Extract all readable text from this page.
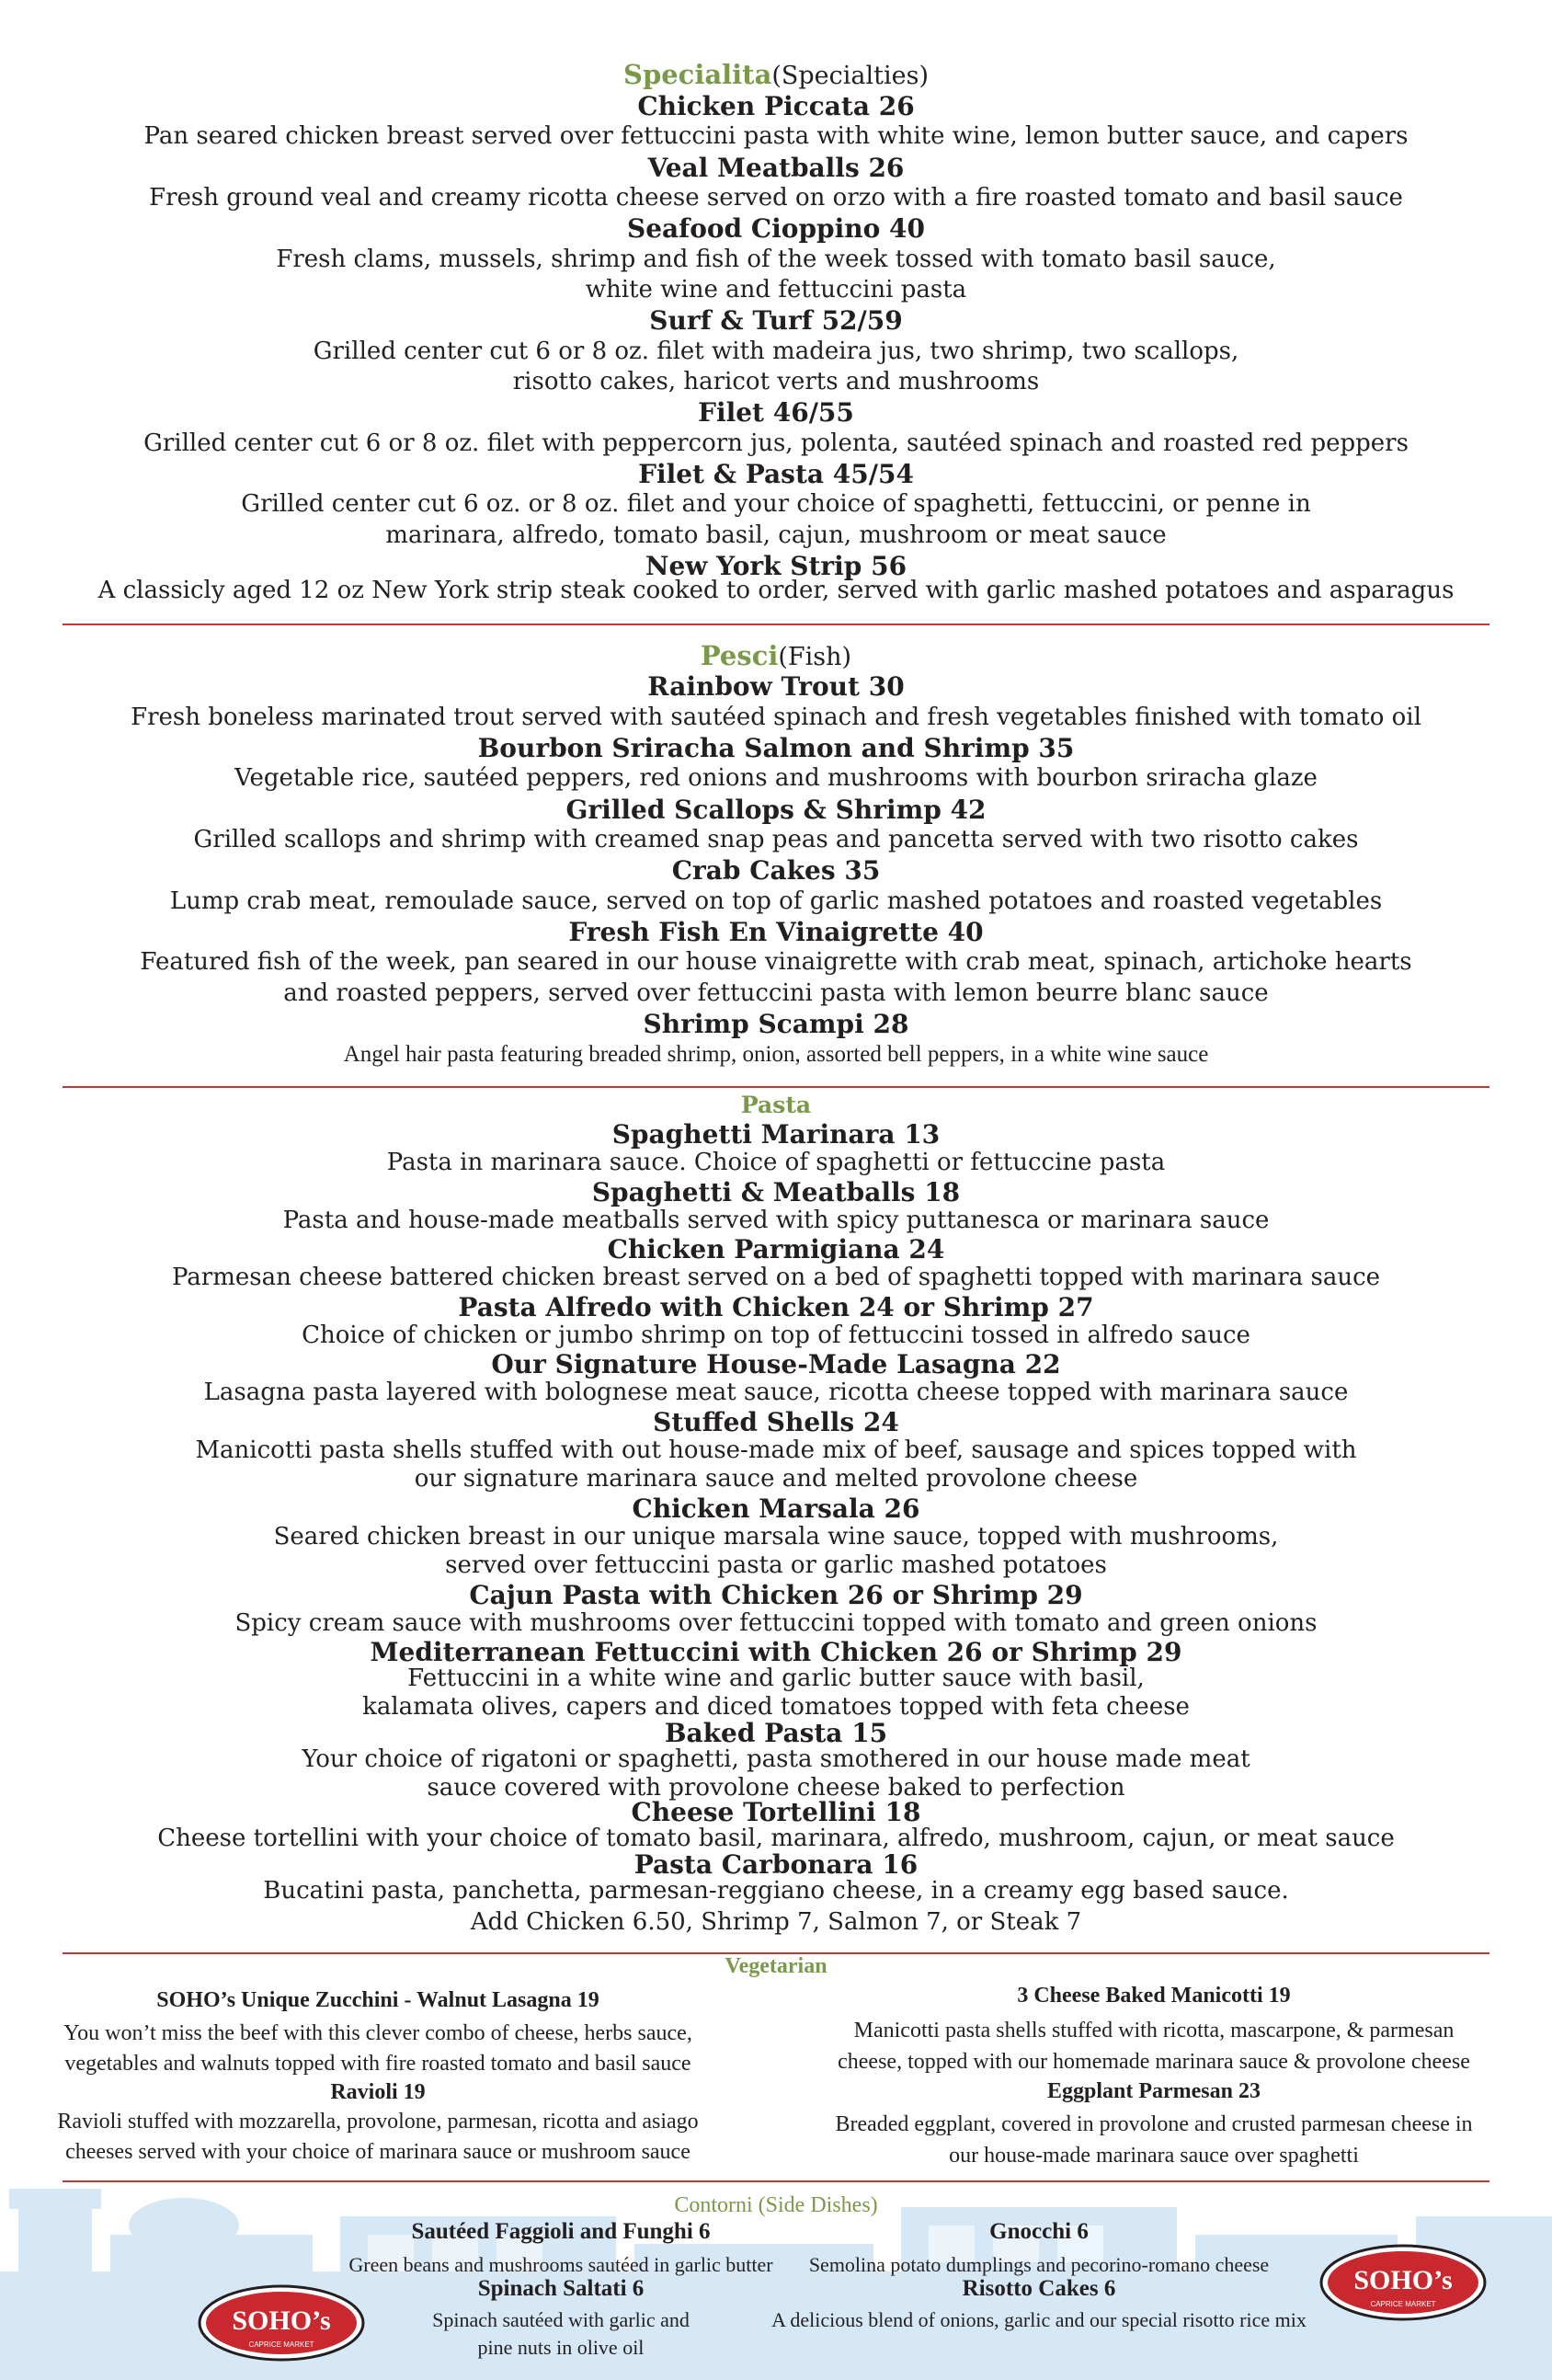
Specialita(Specialties)
Chicken Piccata 26
Pan seared chicken breast served over fettuccini pasta with white wine, lemon butter sauce, and capers
Veal Meatballs 26
Fresh ground veal and creamy ricotta cheese served on orzo with a fire roasted tomato and basil sauce
Seafood Cioppino 40
Fresh clams, mussels, shrimp and fish of the week tossed with tomato basil sauce,
white wine and fettuccini pasta
Surf & Turf 52/59
Grilled center cut 6 or 8 oz. filet with madeira jus, two shrimp, two scallops,
risotto cakes, haricot verts and mushrooms
Filet 46/55
Grilled center cut 6 or 8 oz. filet with peppercorn jus, polenta, sautéed spinach and roasted red peppers
Filet & Pasta 45/54
Grilled center cut 6 oz. or 8 oz. filet and your choice of spaghetti, fettuccini, or penne in
marinara, alfredo, tomato basil, cajun, mushroom or meat sauce
New York Strip 56
A classicly aged 12 oz New York strip steak cooked to order, served with garlic mashed potatoes and asparagus
Pesci(Fish)
Rainbow Trout 30
Fresh boneless marinated trout served with sautéed spinach and fresh vegetables finished with tomato oil
Bourbon Sriracha Salmon and Shrimp 35
Vegetable rice, sautéed peppers, red onions and mushrooms with bourbon sriracha glaze
Grilled Scallops & Shrimp 42
Grilled scallops and shrimp with creamed snap peas and pancetta served with two risotto cakes
Crab Cakes 35
Lump crab meat, remoulade sauce, served on top of garlic mashed potatoes and roasted vegetables
Fresh Fish En Vinaigrette 40
Featured fish of the week, pan seared in our house vinaigrette with crab meat, spinach, artichoke hearts
and roasted peppers, served over fettuccini pasta with lemon beurre blanc sauce
Shrimp Scampi 28
Angel hair pasta featuring breaded shrimp, onion, assorted bell peppers, in a white wine sauce
Pasta
Spaghetti Marinara 13
Pasta in marinara sauce. Choice of spaghetti or fettuccine pasta
Spaghetti & Meatballs 18
Pasta and house-made meatballs served with spicy puttanesca or marinara sauce
Chicken Parmigiana 24
Parmesan cheese battered chicken breast served on a bed of spaghetti topped with marinara sauce
Pasta Alfredo with Chicken 24 or Shrimp 27
Choice of chicken or jumbo shrimp on top of fettuccini tossed in alfredo sauce
Our Signature House-Made Lasagna 22
Lasagna pasta layered with bolognese meat sauce, ricotta cheese topped with marinara sauce
Stuffed Shells 24
Manicotti pasta shells stuffed with out house-made mix of beef, sausage and spices topped with
our signature marinara sauce and melted provolone cheese
Chicken Marsala 26
Seared chicken breast in our unique marsala wine sauce, topped with mushrooms,
served over fettuccini pasta or garlic mashed potatoes
Cajun Pasta with Chicken 26 or Shrimp 29
Spicy cream sauce with mushrooms over fettuccini topped with tomato and green onions
Mediterranean Fettuccini with Chicken 26 or Shrimp 29
Fettuccini in a white wine and garlic butter sauce with basil,
kalamata olives, capers and diced tomatoes topped with feta cheese
Baked Pasta 15
Your choice of rigatoni or spaghetti, pasta smothered in our house made meat
sauce covered with provolone cheese baked to perfection
Cheese Tortellini 18
Cheese tortellini with your choice of tomato basil, marinara, alfredo, mushroom, cajun, or meat sauce
Pasta Carbonara 16
Bucatini pasta, panchetta, parmesan-reggiano cheese, in a creamy egg based sauce.
Add Chicken 6.50, Shrimp 7, Salmon 7, or Steak 7
Vegetarian
SOHO’s Unique Zucchini - Walnut Lasagna 19
You won’t miss the beef with this clever combo of cheese, herbs sauce,
vegetables and walnuts topped with fire roasted tomato and basil sauce
Ravioli 19
Ravioli stuffed with mozzarella, provolone, parmesan, ricotta and asiago
cheeses served with your choice of marinara sauce or mushroom sauce
3 Cheese Baked Manicotti 19
Manicotti pasta shells stuffed with ricotta, mascarpone, & parmesan
cheese, topped with our homemade marinara sauce & provolone cheese
Eggplant Parmesan 23
Breaded eggplant, covered in provolone and crusted parmesan cheese in
our house-made marinara sauce over spaghetti
Contorni (Side Dishes)
Sautéed Faggioli and Funghi 6
Green beans and mushrooms sautéed in garlic butter
Spinach Saltati 6
Spinach sautéed with garlic and
pine nuts in olive oil
Gnocchi 6
Semolina potato dumplings and pecorino-romano cheese
Risotto Cakes 6
A delicious blend of onions, garlic and our special risotto rice mix
SOHO’s
CAPRICE MARKET
SOHO’s
CAPRICE MARKET
